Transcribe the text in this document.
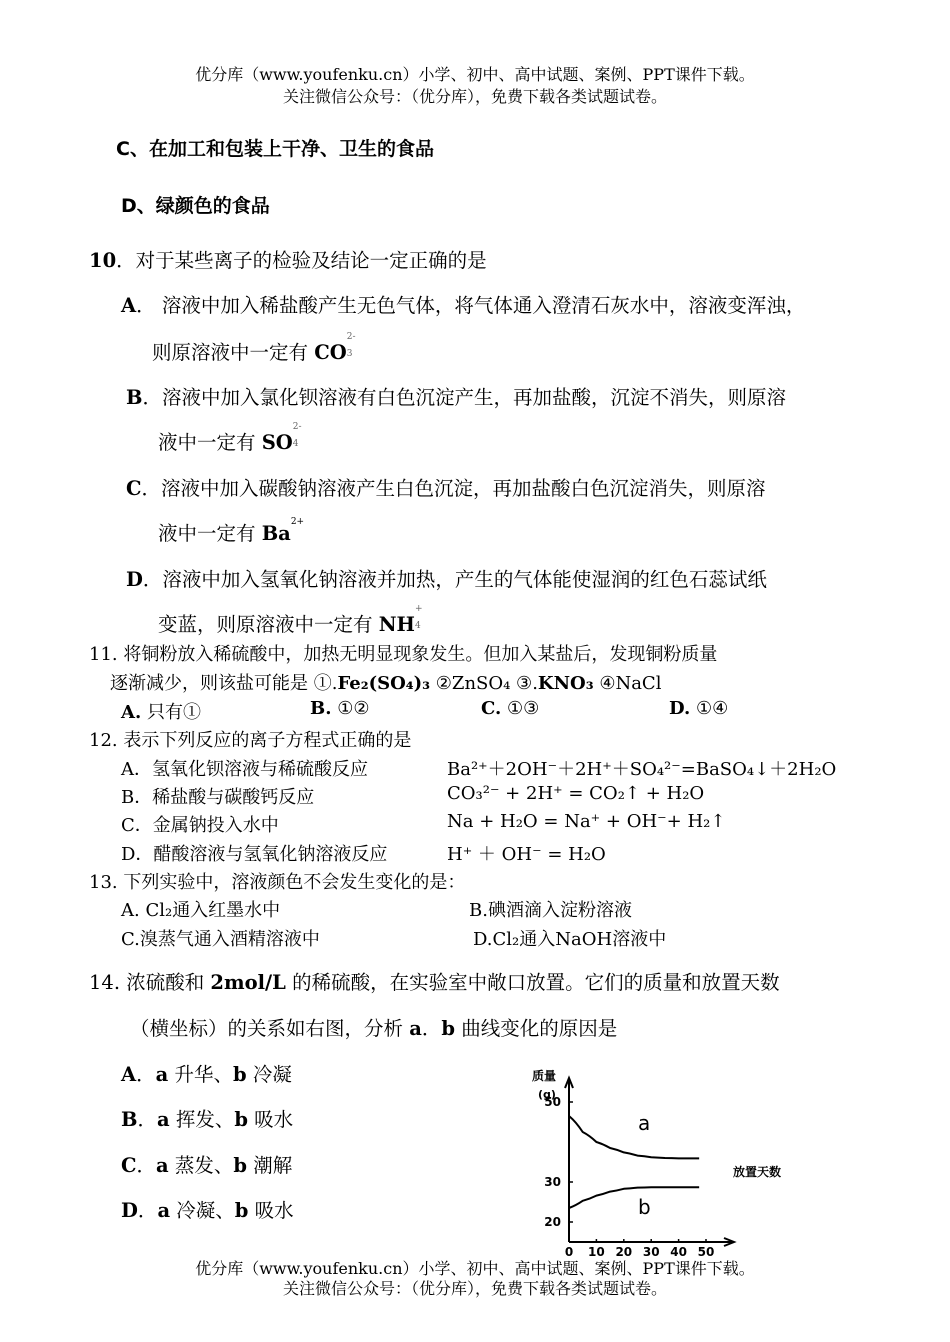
优分库（www.youfenku.cn）小学、初中、高中试题、案例、PPT课件下载。
关注微信公众号：（优分库），免费下载各类试题试卷。
C、在加工和包装上干净、卫生的食品
D、绿颜色的食品
10．对于某些离子的检验及结论一定正确的是
A． 溶液中加入稀盐酸产生无色气体，将气体通入澄清石灰水中，溶液变浑浊，
则原溶液中一定有 CO
2-
3
B．溶液中加入氯化钡溶液有白色沉淀产生，再加盐酸，沉淀不消失，则原溶
液中一定有 SO
2-
4
C．溶液中加入碳酸钠溶液产生白色沉淀，再加盐酸白色沉淀消失，则原溶
液中一定有 Ba 2+
D．溶液中加入氢氧化钠溶液并加热，产生的气体能使湿润的红色石蕊试纸
变蓝，则原溶液中一定有 NH
+
4
11. 将铜粉放入稀硫酸中，加热无明显现象发生。但加入某盐后，发现铜粉质量
逐渐减少，则该盐可能是 ①.Fe₂(SO₄)₃ ②ZnSO₄ ③.KNO₃ ④NaCl
A. 只有①	B. ①②	C. ①③	D. ①④
12. 表示下列反应的离子方程式正确的是
A．氢氧化钡溶液与稀硫酸反应	Ba²⁺＋2OH⁻＋2H⁺＋SO₄²⁻=BaSO₄↓＋2H₂O
B．稀盐酸与碳酸钙反应	CO₃²⁻ + 2H⁺ = CO₂↑ + H₂O
C．金属钠投入水中	Na + H₂O = Na⁺ + OH⁻+ H₂↑
D．醋酸溶液与氢氧化钠溶液反应	H⁺ ＋ OH⁻ = H₂O
13. 下列实验中，溶液颜色不会发生变化的是：
A. Cl₂通入红墨水中	B.碘酒滴入淀粉溶液
C.溴蒸气通入酒精溶液中	D.Cl₂通入NaOH溶液中
14. 浓硫酸和 2mol/L 的稀硫酸，在实验室中敞口放置。它们的质量和放置天数
（横坐标）的关系如右图，分析 a．b 曲线变化的原因是
A．a 升华、b 冷凝
B．a 挥发、b 吸水
C．a 蒸发、b 潮解
D．a 冷凝、b 吸水
质量
(g)
放置天数
20
30
50
0 10 20 30 40 50
a
b
优分库（www.youfenku.cn）小学、初中、高中试题、案例、PPT课件下载。
关注微信公众号：（优分库），免费下载各类试题试卷。
